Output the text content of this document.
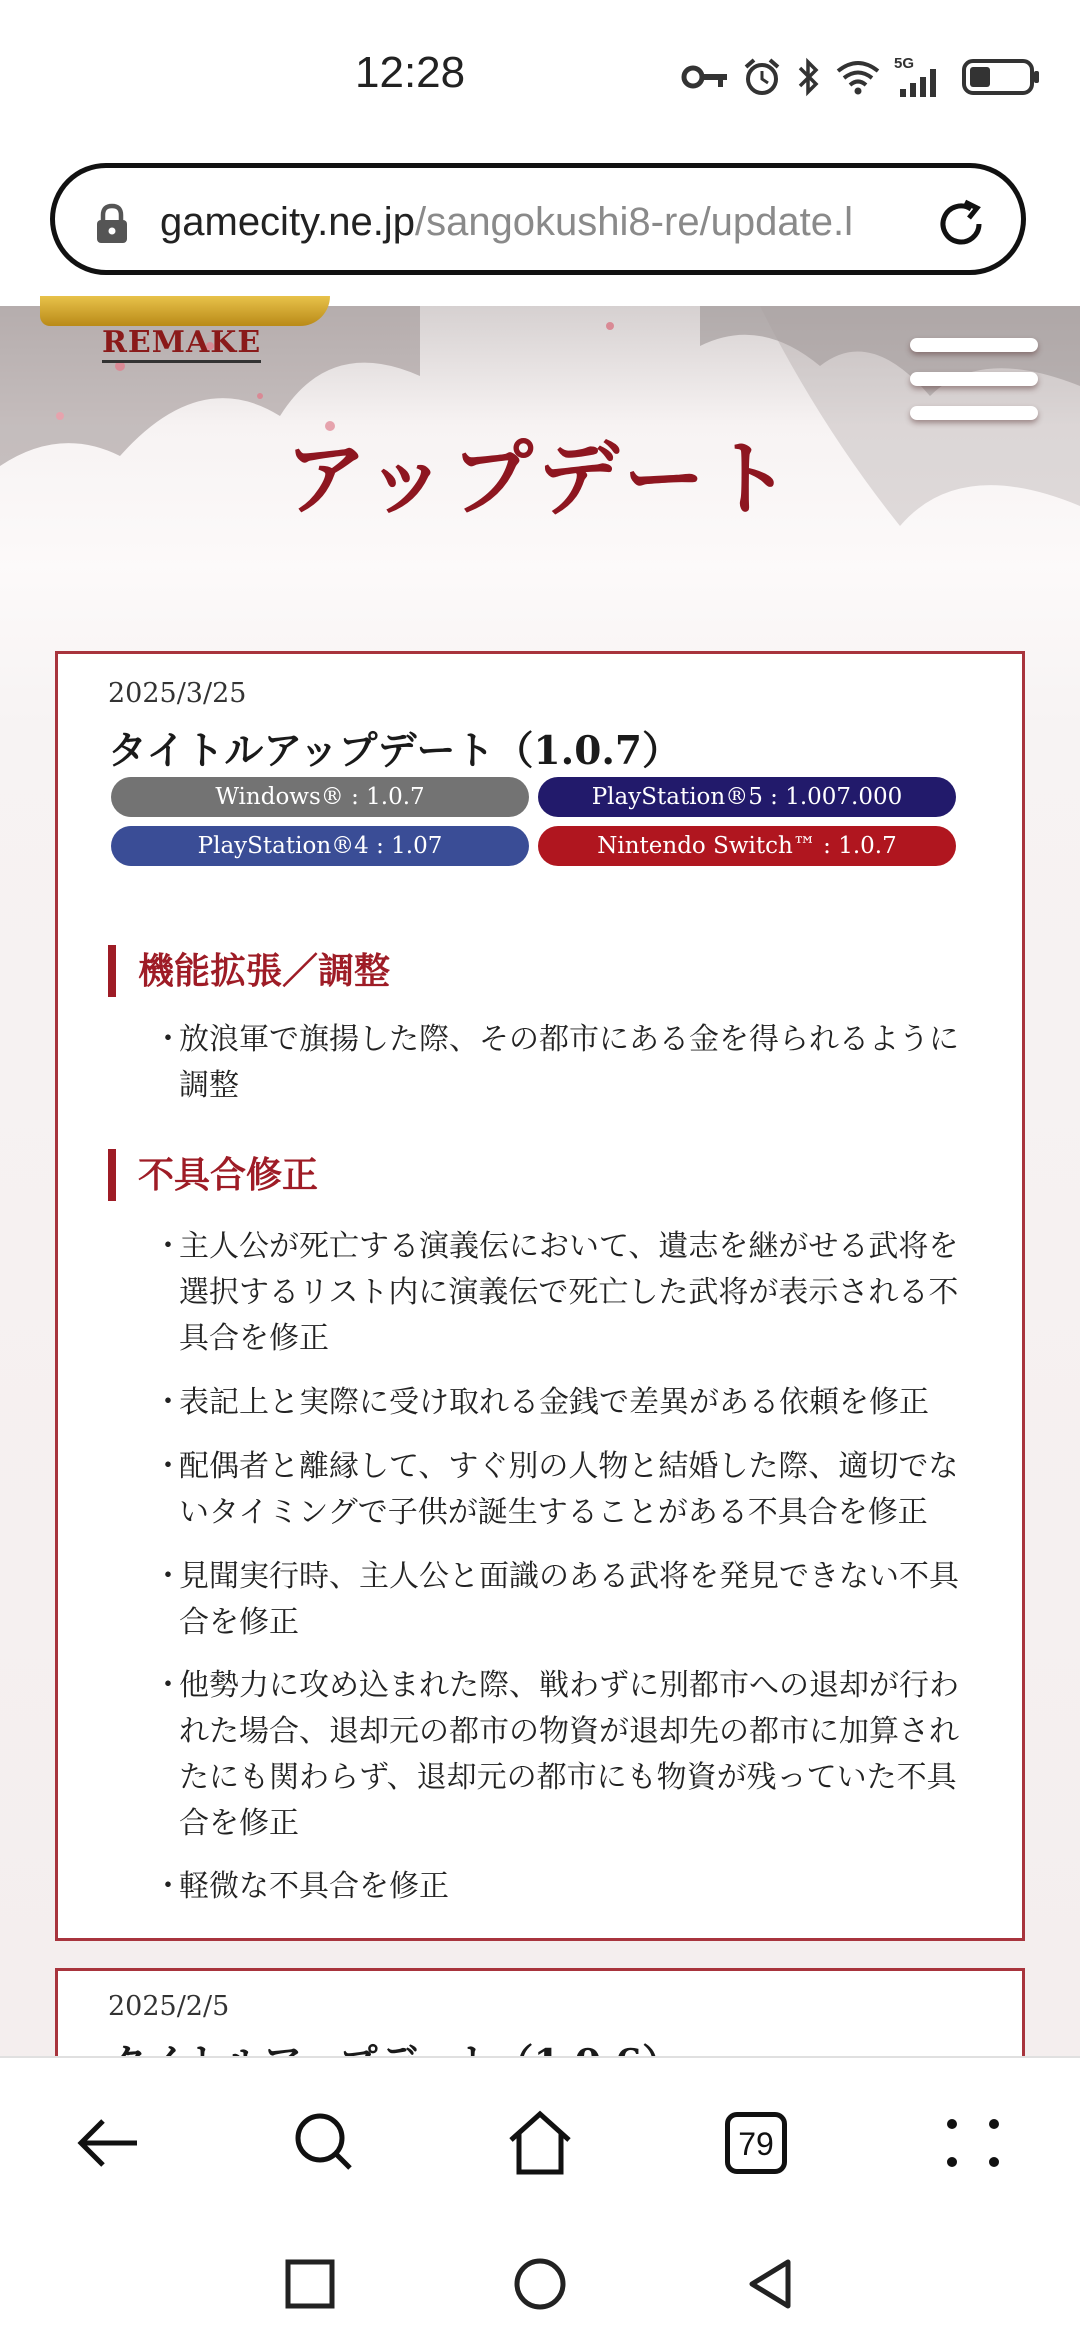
12:28	5G
gamecity.ne.jp/sangokushi8-re/update.l
REMAKE
アップデート
2025/3/25
タイトルアップデート（1.0.7）
Windows® : 1.0.7	PlayStation®5 : 1.007.000
PlayStation®4 : 1.07	Nintendo Switch™ : 1.0.7
機能拡張／調整
・
放浪軍で旗揚した際、その都市にある金を得られるように
調整
不具合修正
・
主人公が死亡する演義伝において、遺志を継がせる武将を
選択するリスト内に演義伝で死亡した武将が表示される不
具合を修正
・
表記上と実際に受け取れる金銭で差異がある依頼を修正
・
配偶者と離縁して、すぐ別の人物と結婚した際、適切でな
いタイミングで子供が誕生することがある不具合を修正
・
見聞実行時、主人公と面識のある武将を発見できない不具
合を修正
・
他勢力に攻め込まれた際、戦わずに別都市への退却が行わ
れた場合、退却元の都市の物資が退却先の都市に加算され
たにも関わらず、退却元の都市にも物資が残っていた不具
合を修正
・
軽微な不具合を修正
2025/2/5
79
